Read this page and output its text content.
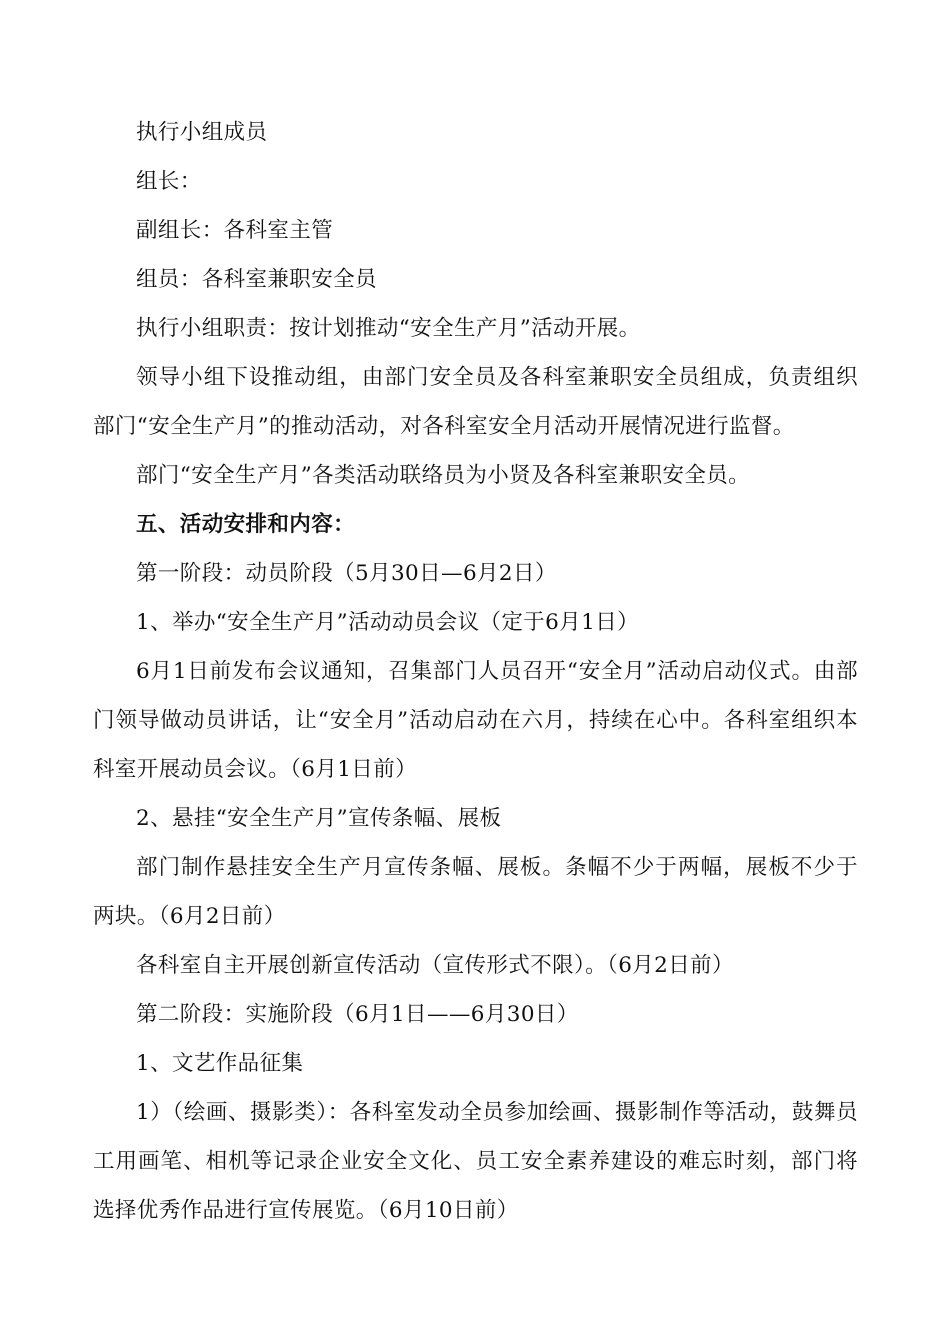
执行小组成员

组长：

副组长：各科室主管

组员：各科室兼职安全员

执行小组职责：按计划推动“安全生产月”活动开展。

领导小组下设推动组，由部门安全员及各科室兼职安全员组成，负责组织部门“安全生产月”的推动活动，对各科室安全月活动开展情况进行监督。

部门“安全生产月”各类活动联络员为小贤及各科室兼职安全员。

五、活动安排和内容：

第一阶段：动员阶段（5月30日—6月2日）

1、举办“安全生产月”活动动员会议（定于6月1日）

6月1日前发布会议通知，召集部门人员召开“安全月”活动启动仪式。由部门领导做动员讲话，让“安全月”活动启动在六月，持续在心中。各科室组织本科室开展动员会议。（6月1日前）

2、悬挂“安全生产月”宣传条幅、展板

部门制作悬挂安全生产月宣传条幅、展板。条幅不少于两幅，展板不少于两块。（6月2日前）

各科室自主开展创新宣传活动（宣传形式不限）。（6月2日前）

第二阶段：实施阶段（6月1日——6月30日）

1、文艺作品征集

1）（绘画、摄影类）：各科室发动全员参加绘画、摄影制作等活动，鼓舞员工用画笔、相机等记录企业安全文化、员工安全素养建设的难忘时刻，部门将选择优秀作品进行宣传展览。（6月10日前）
